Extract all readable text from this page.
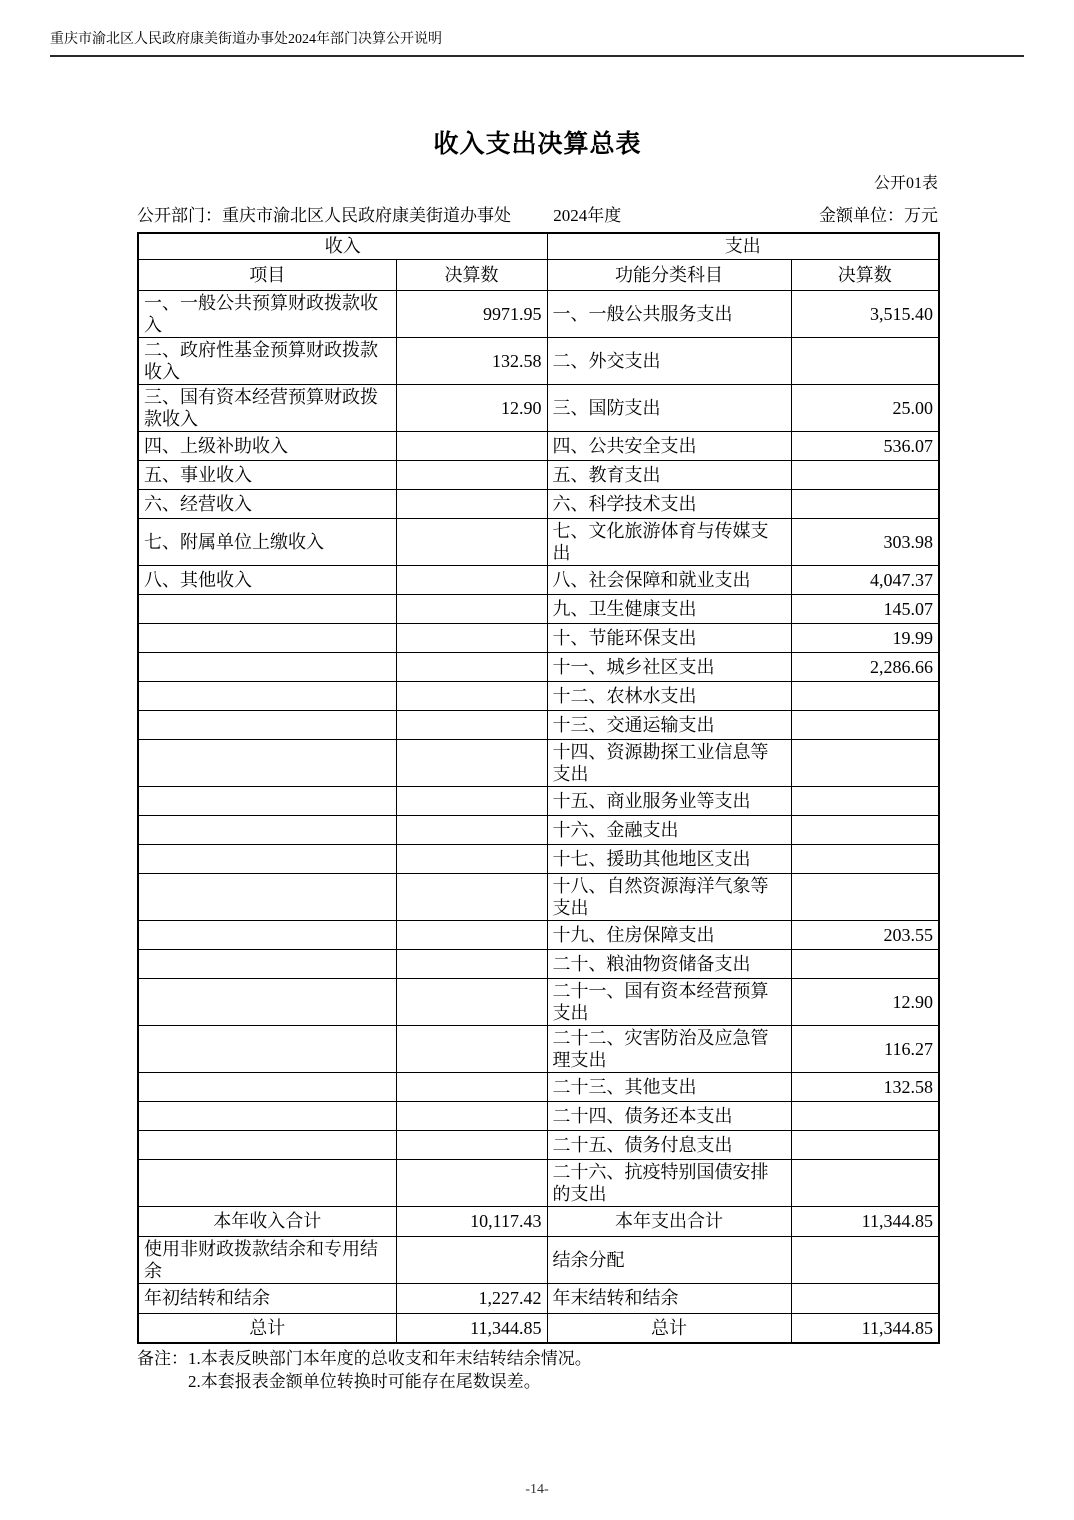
重庆市渝北区人民政府康美街道办事处2024年部门决算公开说明
收入支出决算总表
公开01表
公开部门：重庆市渝北区人民政府康美街道办事处 2024年度	金额单位：万元
收入		支出	
项目	决算数	功能分类科目	决算数
一、一般公共预算财政拨款收入	9971.95	一、一般公共服务支出	3,515.40
二、政府性基金预算财政拨款收入	132.58	二、外交支出	
三、国有资本经营预算财政拨款收入	12.90	三、国防支出	25.00
四、上级补助收入		四、公共安全支出	536.07
五、事业收入		五、教育支出	
六、经营收入		六、科学技术支出	
七、附属单位上缴收入		七、文化旅游体育与传媒支出	303.98
八、其他收入		八、社会保障和就业支出	4,047.37
		九、卫生健康支出	145.07
		十、节能环保支出	19.99
		十一、城乡社区支出	2,286.66
		十二、农林水支出	
		十三、交通运输支出	
		十四、资源勘探工业信息等支出	
		十五、商业服务业等支出	
		十六、金融支出	
		十七、援助其他地区支出	
		十八、自然资源海洋气象等支出	
		十九、住房保障支出	203.55
		二十、粮油物资储备支出	
		二十一、国有资本经营预算支出	12.90
		二十二、灾害防治及应急管理支出	116.27
		二十三、其他支出	132.58
		二十四、债务还本支出	
		二十五、债务付息支出	
		二十六、抗疫特别国债安排的支出	
本年收入合计	10,117.43	本年支出合计	11,344.85
使用非财政拨款结余和专用结余		结余分配	
年初结转和结余	1,227.42	年末结转和结余	
总计	11,344.85	总计	11,344.85
备注： 1.本表反映部门本年度的总收支和年末结转结余情况。
2.本套报表金额单位转换时可能存在尾数误差。
-14-
